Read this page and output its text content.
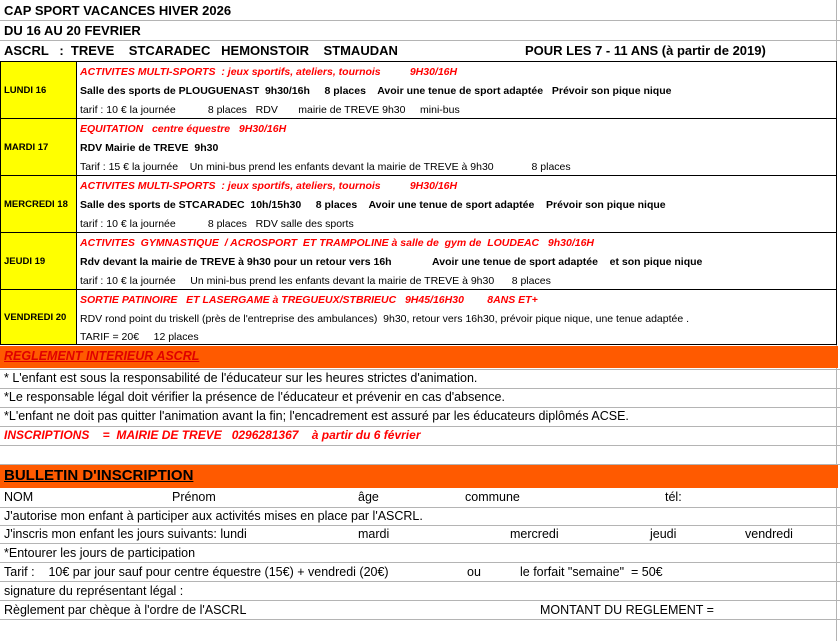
CAP SPORT VACANCES HIVER 2026
DU 16 AU 20 FEVRIER
ASCRL   :  TREVE    STCARADEC   HEMONSTOIR    STMAUDAN	POUR LES 7 - 11 ANS (à partir de 2019)
LUNDI 16
ACTIVITES MULTI-SPORTS  : jeux sportifs, ateliers, tournois          9H30/16H
Salle des sports de PLOUGUENAST  9h30/16h     8 places    Avoir une tenue de sport adaptée   Prévoir son pique nique
tarif : 10 € la journée           8 places   RDV       mairie de TREVE 9h30     mini-bus
MARDI 17
EQUITATION   centre équestre   9H30/16H
RDV Mairie de TREVE  9h30
Tarif : 15 € la journée    Un mini-bus prend les enfants devant la mairie de TREVE à 9h30             8 places
MERCREDI 18
ACTIVITES MULTI-SPORTS  : jeux sportifs, ateliers, tournois          9H30/16H
Salle des sports de STCARADEC  10h/15h30     8 places    Avoir une tenue de sport adaptée    Prévoir son pique nique
tarif : 10 € la journée           8 places   RDV salle des sports
JEUDI 19
ACTIVITES  GYMNASTIQUE  / ACROSPORT  ET TRAMPOLINE à salle de  gym de  LOUDEAC   9h30/16H
Rdv devant la mairie de TREVE à 9h30 pour un retour vers 16h              Avoir une tenue de sport adaptée    et son pique nique
tarif : 10 € la journée     Un mini-bus prend les enfants devant la mairie de TREVE à 9h30      8 places
VENDREDI 20
SORTIE PATINOIRE   ET LASERGAME à TREGUEUX/STBRIEUC   9H45/16H30        8ANS ET+
RDV rond point du triskell (près de l'entreprise des ambulances)  9h30, retour vers 16h30, prévoir pique nique, une tenue adaptée .
TARIF = 20€     12 places
REGLEMENT INTERIEUR ASCRL
* L'enfant est sous la responsabilité de l'éducateur sur les heures strictes d'animation.
*Le responsable légal doit vérifier la présence de l'éducateur et prévenir en cas d'absence.
*L'enfant ne doit pas quitter l'animation avant la fin; l'encadrement est assuré par les éducateurs diplômés ACSE.
INSCRIPTIONS    =  MAIRIE DE TREVE   0296281367    à partir du 6 février
BULLETIN D'INSCRIPTION
NOM	Prénom	âge	commune	tél:
J'autorise mon enfant à participer aux activités mises en place par l'ASCRL.
J'inscris mon enfant les jours suivants: lundi	mardi	mercredi	jeudi	vendredi
*Entourer les jours de participation
Tarif :    10€ par jour sauf pour centre équestre (15€) + vendredi (20€)	ou	le forfait "semaine"  = 50€
signature du représentant légal :
Règlement par chèque à l'ordre de l'ASCRL	MONTANT DU REGLEMENT =
